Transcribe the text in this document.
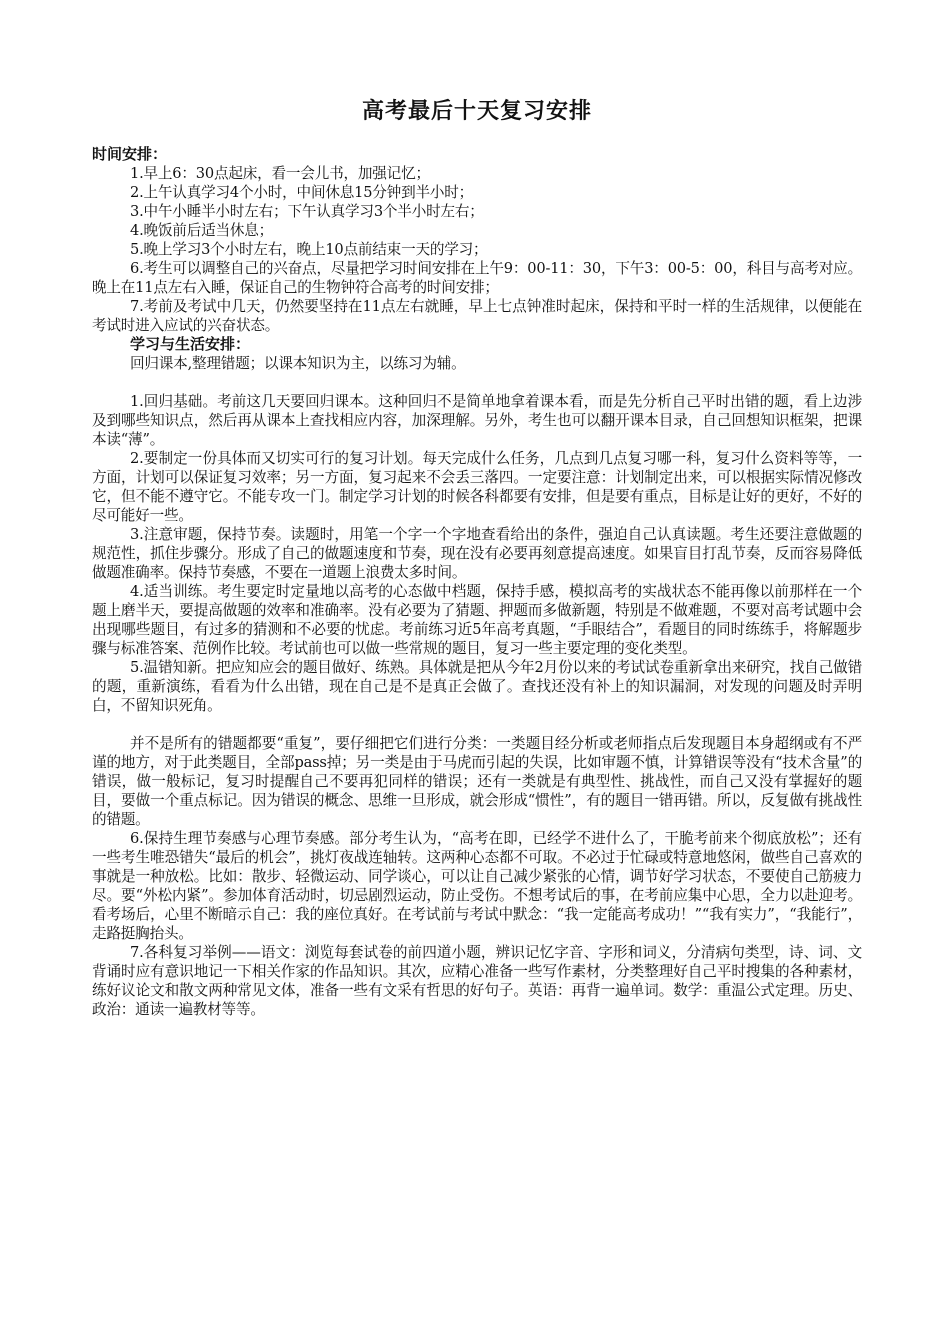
高考最后十天复习安排
时间安排：

1.早上6：30点起床，看一会儿书，加强记忆；

2.上午认真学习4个小时，中间休息15分钟到半小时；

3.中午小睡半小时左右；下午认真学习3个半小时左右；

4.晚饭前后适当休息；

5.晚上学习3个小时左右，晚上10点前结束一天的学习；

6.考生可以调整自己的兴奋点，尽量把学习时间安排在上午9：00-11：30，下午3：00-5：00，科目与高考对应。晚上在11点左右入睡，保证自己的生物钟符合高考的时间安排；

7.考前及考试中几天，仍然要坚持在11点左右就睡，早上七点钟准时起床，保持和平时一样的生活规律，以便能在考试时进入应试的兴奋状态。

学习与生活安排：

回归课本,整理错题；以课本知识为主，以练习为辅。

1.回归基础。考前这几天要回归课本。这种回归不是简单地拿着课本看，而是先分析自己平时出错的题，看上边涉及到哪些知识点，然后再从课本上查找相应内容，加深理解。另外，考生也可以翻开课本目录，自己回想知识框架，把课本读“薄”。

2.要制定一份具体而又切实可行的复习计划。每天完成什么任务，几点到几点复习哪一科，复习什么资料等等，一方面，计划可以保证复习效率；另一方面，复习起来不会丢三落四。一定要注意：计划制定出来，可以根据实际情况修改它，但不能不遵守它。不能专攻一门。制定学习计划的时候各科都要有安排，但是要有重点，目标是让好的更好，不好的尽可能好一些。

3.注意审题，保持节奏。读题时，用笔一个字一个字地查看给出的条件，强迫自己认真读题。考生还要注意做题的规范性，抓住步骤分。形成了自己的做题速度和节奏，现在没有必要再刻意提高速度。如果盲目打乱节奏，反而容易降低做题准确率。保持节奏感，不要在一道题上浪费太多时间。

4.适当训练。考生要定时定量地以高考的心态做中档题，保持手感，模拟高考的实战状态不能再像以前那样在一个题上磨半天，要提高做题的效率和准确率。没有必要为了猜题、押题而多做新题，特别是不做难题，不要对高考试题中会出现哪些题目，有过多的猜测和不必要的忧虑。考前练习近5年高考真题，“手眼结合”，看题目的同时练练手，将解题步骤与标准答案、范例作比较。考试前也可以做一些常规的题目，复习一些主要定理的变化类型。

5.温错知新。把应知应会的题目做好、练熟。具体就是把从今年2月份以来的考试试卷重新拿出来研究，找自己做错的题，重新演练，看看为什么出错，现在自己是不是真正会做了。查找还没有补上的知识漏洞，对发现的问题及时弄明白，不留知识死角。

并不是所有的错题都要“重复”，要仔细把它们进行分类：一类题目经分析或老师指点后发现题目本身超纲或有不严谨的地方，对于此类题目，全部pass掉；另一类是由于马虎而引起的失误，比如审题不慎，计算错误等没有“技术含量”的错误，做一般标记，复习时提醒自己不要再犯同样的错误；还有一类就是有典型性、挑战性，而自己又没有掌握好的题目，要做一个重点标记。因为错误的概念、思维一旦形成，就会形成“惯性”，有的题目一错再错。所以，反复做有挑战性的错题。

6.保持生理节奏感与心理节奏感。部分考生认为，“高考在即，已经学不进什么了，干脆考前来个彻底放松”；还有一些考生唯恐错失“最后的机会”，挑灯夜战连轴转。这两种心态都不可取。不必过于忙碌或特意地悠闲，做些自己喜欢的事就是一种放松。比如：散步、轻微运动、同学谈心，可以让自己减少紧张的心情，调节好学习状态，不要使自己筋疲力尽。要“外松内紧”。参加体育活动时，切忌剧烈运动，防止受伤。不想考试后的事，在考前应集中心思，全力以赴迎考。看考场后，心里不断暗示自己：我的座位真好。在考试前与考试中默念：“我一定能高考成功！”“我有实力”，“我能行”，走路挺胸抬头。

7.各科复习举例——语文：浏览每套试卷的前四道小题，辨识记忆字音、字形和词义，分清病句类型，诗、词、文背诵时应有意识地记一下相关作家的作品知识。其次，应精心准备一些写作素材，分类整理好自己平时搜集的各种素材，练好议论文和散文两种常见文体，准备一些有文采有哲思的好句子。英语：再背一遍单词。数学：重温公式定理。历史、政治：通读一遍教材等等。
